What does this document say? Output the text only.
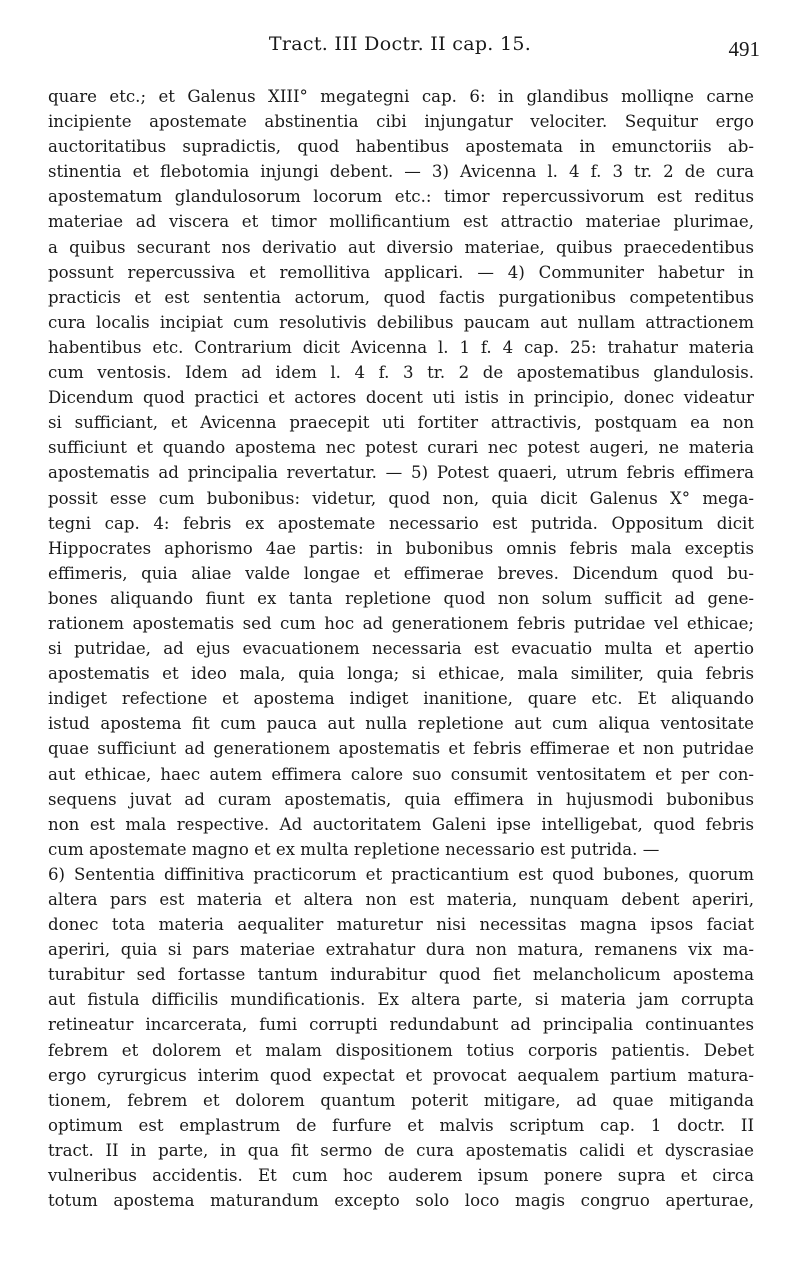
Tract. III Doctr. II cap. 15.	491
quare etc.; et Galenus XIII° megategni cap. 6: in glandibus molliqne carne
incipiente apostemate abstinentia cibi injungatur velociter. Sequitur ergo
auctoritatibus supradictis, quod habentibus apostemata in emunctoriis ab-
stinentia et flebotomia injungi debent. — 3) Avicenna l. 4 f. 3 tr. 2 de cura
apostematum glandulosorum locorum etc.: timor repercussivorum est reditus
materiae ad viscera et timor mollificantium est attractio materiae plurimae,
a quibus securant nos derivatio aut diversio materiae, quibus praecedentibus
possunt repercussiva et remollitiva applicari. — 4) Communiter habetur in
practicis et est sententia actorum, quod factis purgationibus competentibus
cura localis incipiat cum resolutivis debilibus paucam aut nullam attractionem
habentibus etc. Contrarium dicit Avicenna l. 1 f. 4 cap. 25: trahatur materia
cum ventosis. Idem ad idem l. 4 f. 3 tr. 2 de apostematibus glandulosis.
Dicendum quod practici et actores docent uti istis in principio, donec videatur
si sufficiant, et Avicenna praecepit uti fortiter attractivis, postquam ea non
sufficiunt et quando apostema nec potest curari nec potest augeri, ne materia
apostematis ad principalia revertatur. — 5) Potest quaeri, utrum febris effimera
possit esse cum bubonibus: videtur, quod non, quia dicit Galenus X° mega-
tegni cap. 4: febris ex apostemate necessario est putrida. Oppositum dicit
Hippocrates aphorismo 4ae partis: in bubonibus omnis febris mala exceptis
effimeris, quia aliae valde longae et effimerae breves. Dicendum quod bu-
bones aliquando fiunt ex tanta repletione quod non solum sufficit ad gene-
rationem apostematis sed cum hoc ad generationem febris putridae vel ethicae;
si putridae, ad ejus evacuationem necessaria est evacuatio multa et apertio
apostematis et ideo mala, quia longa; si ethicae, mala similiter, quia febris
indiget refectione et apostema indiget inanitione, quare etc. Et aliquando
istud apostema fit cum pauca aut nulla repletione aut cum aliqua ventositate
quae sufficiunt ad generationem apostematis et febris effimerae et non putridae
aut ethicae, haec autem effimera calore suo consumit ventositatem et per con-
sequens juvat ad curam apostematis, quia effimera in hujusmodi bubonibus
non est mala respective. Ad auctoritatem Galeni ipse intelligebat, quod febris
cum apostemate magno et ex multa repletione necessario est putrida. —
6) Sententia diffinitiva practicorum et practicantium est quod bubones, quorum
altera pars est materia et altera non est materia, nunquam debent aperiri,
donec tota materia aequaliter maturetur nisi necessitas magna ipsos faciat
aperiri, quia si pars materiae extrahatur dura non matura, remanens vix ma-
turabitur sed fortasse tantum indurabitur quod fiet melancholicum apostema
aut fistula difficilis mundificationis. Ex altera parte, si materia jam corrupta
retineatur incarcerata, fumi corrupti redundabunt ad principalia continuantes
febrem et dolorem et malam dispositionem totius corporis patientis. Debet
ergo cyrurgicus interim quod expectat et provocat aequalem partium matura-
tionem, febrem et dolorem quantum poterit mitigare, ad quae mitiganda
optimum est emplastrum de furfure et malvis scriptum cap. 1 doctr. II
tract. II in parte, in qua fit sermo de cura apostematis calidi et dyscrasiae
vulneribus accidentis. Et cum hoc auderem ipsum ponere supra et circa
totum apostema maturandum excepto solo loco magis congruo aperturae,
